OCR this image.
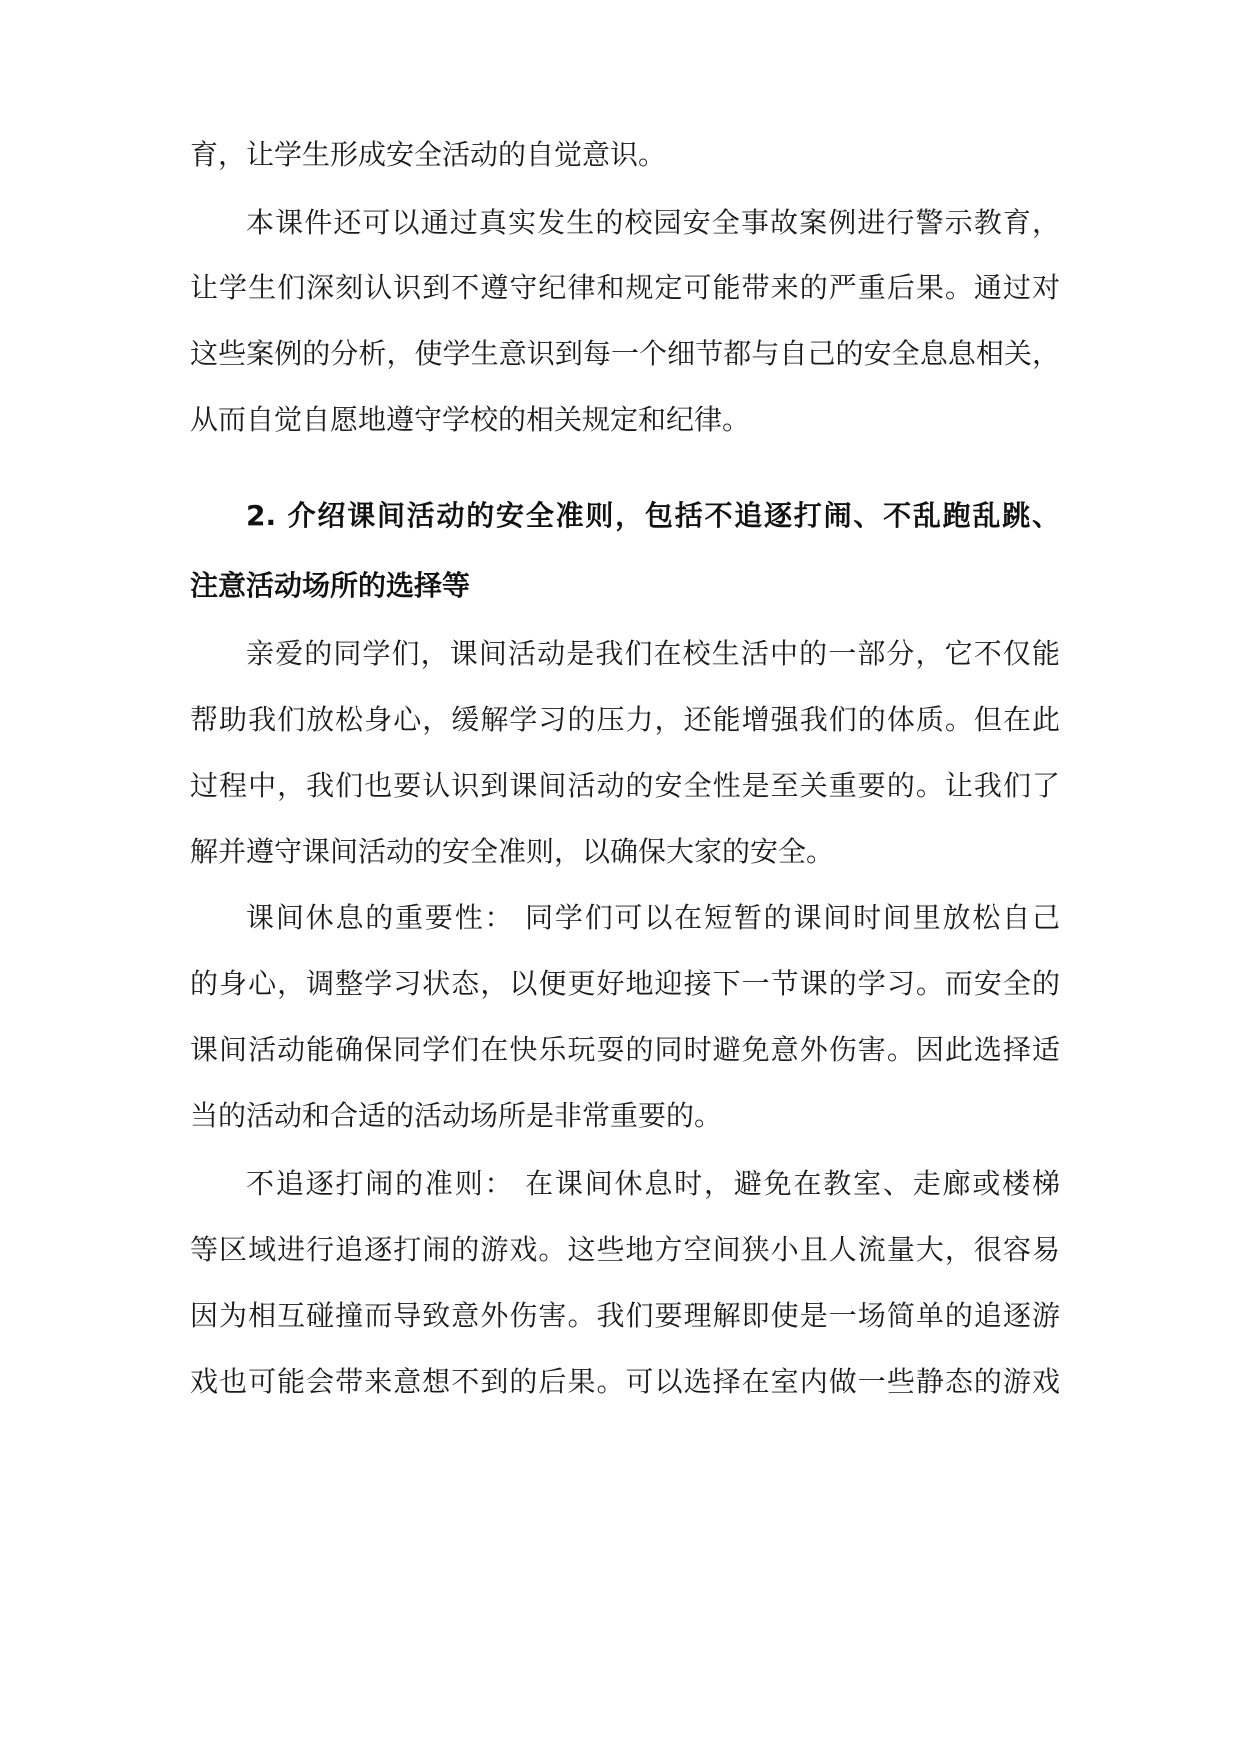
育，让学生形成安全活动的自觉意识。
本课件还可以通过真实发生的校园安全事故案例进行警示教育，
让学生们深刻认识到不遵守纪律和规定可能带来的严重后果。通过对
这些案例的分析，使学生意识到每一个细节都与自己的安全息息相关，
从而自觉自愿地遵守学校的相关规定和纪律。
2. 介绍课间活动的安全准则，包括不追逐打闹、不乱跑乱跳、
注意活动场所的选择等
亲爱的同学们，课间活动是我们在校生活中的一部分，它不仅能
帮助我们放松身心，缓解学习的压力，还能增强我们的体质。但在此
过程中，我们也要认识到课间活动的安全性是至关重要的。让我们了
解并遵守课间活动的安全准则，以确保大家的安全。
课间休息的重要性： 同学们可以在短暂的课间时间里放松自己
的身心，调整学习状态，以便更好地迎接下一节课的学习。而安全的
课间活动能确保同学们在快乐玩耍的同时避免意外伤害。因此选择适
当的活动和合适的活动场所是非常重要的。
不追逐打闹的准则： 在课间休息时，避免在教室、走廊或楼梯
等区域进行追逐打闹的游戏。这些地方空间狭小且人流量大，很容易
因为相互碰撞而导致意外伤害。我们要理解即使是一场简单的追逐游
戏也可能会带来意想不到的后果。可以选择在室内做一些静态的游戏
